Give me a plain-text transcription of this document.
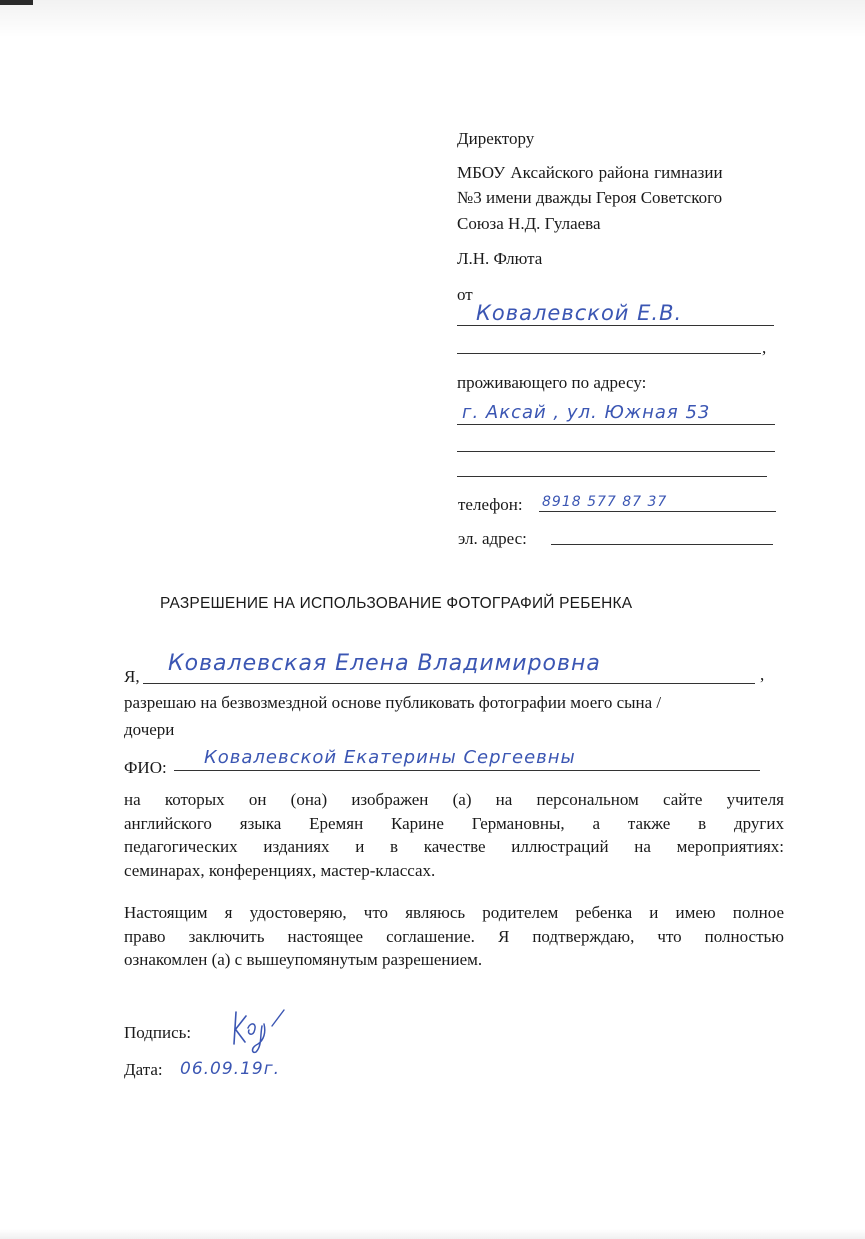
Директору
МБОУ Аксайского района гимназии
№3 имени дважды Героя Советского
Союза Н.Д. Гулаева
Л.Н. Флюта
от
Ковалевской Е.В.
,
проживающего по адресу:
г. Аксай , ул. Южная 53
телефон: 8918 577 87 37
эл. адрес:
РАЗРЕШЕНИЕ НА ИСПОЛЬЗОВАНИЕ ФОТОГРАФИЙ РЕБЕНКА
Я,
Ковалевская Елена Владимировна	,
разрешаю на безвозмездной основе публиковать фотографии моего сына /
дочери
ФИО: Ковалевской Екатерины Сергеевны
на которых он (она) изображен (а) на персональном сайте учителя
английского языка Еремян Карине Германовны, а также в других
педагогических изданиях и в качестве иллюстраций на мероприятиях:
семинарах, конференциях, мастер-классах.
Настоящим я удостоверяю, что являюсь родителем ребенка и имею полное
право заключить настоящее соглашение. Я подтверждаю, что полностью
ознакомлен (а) с вышеупомянутым разрешением.
Подпись:
Дата: 06.09.19г.
